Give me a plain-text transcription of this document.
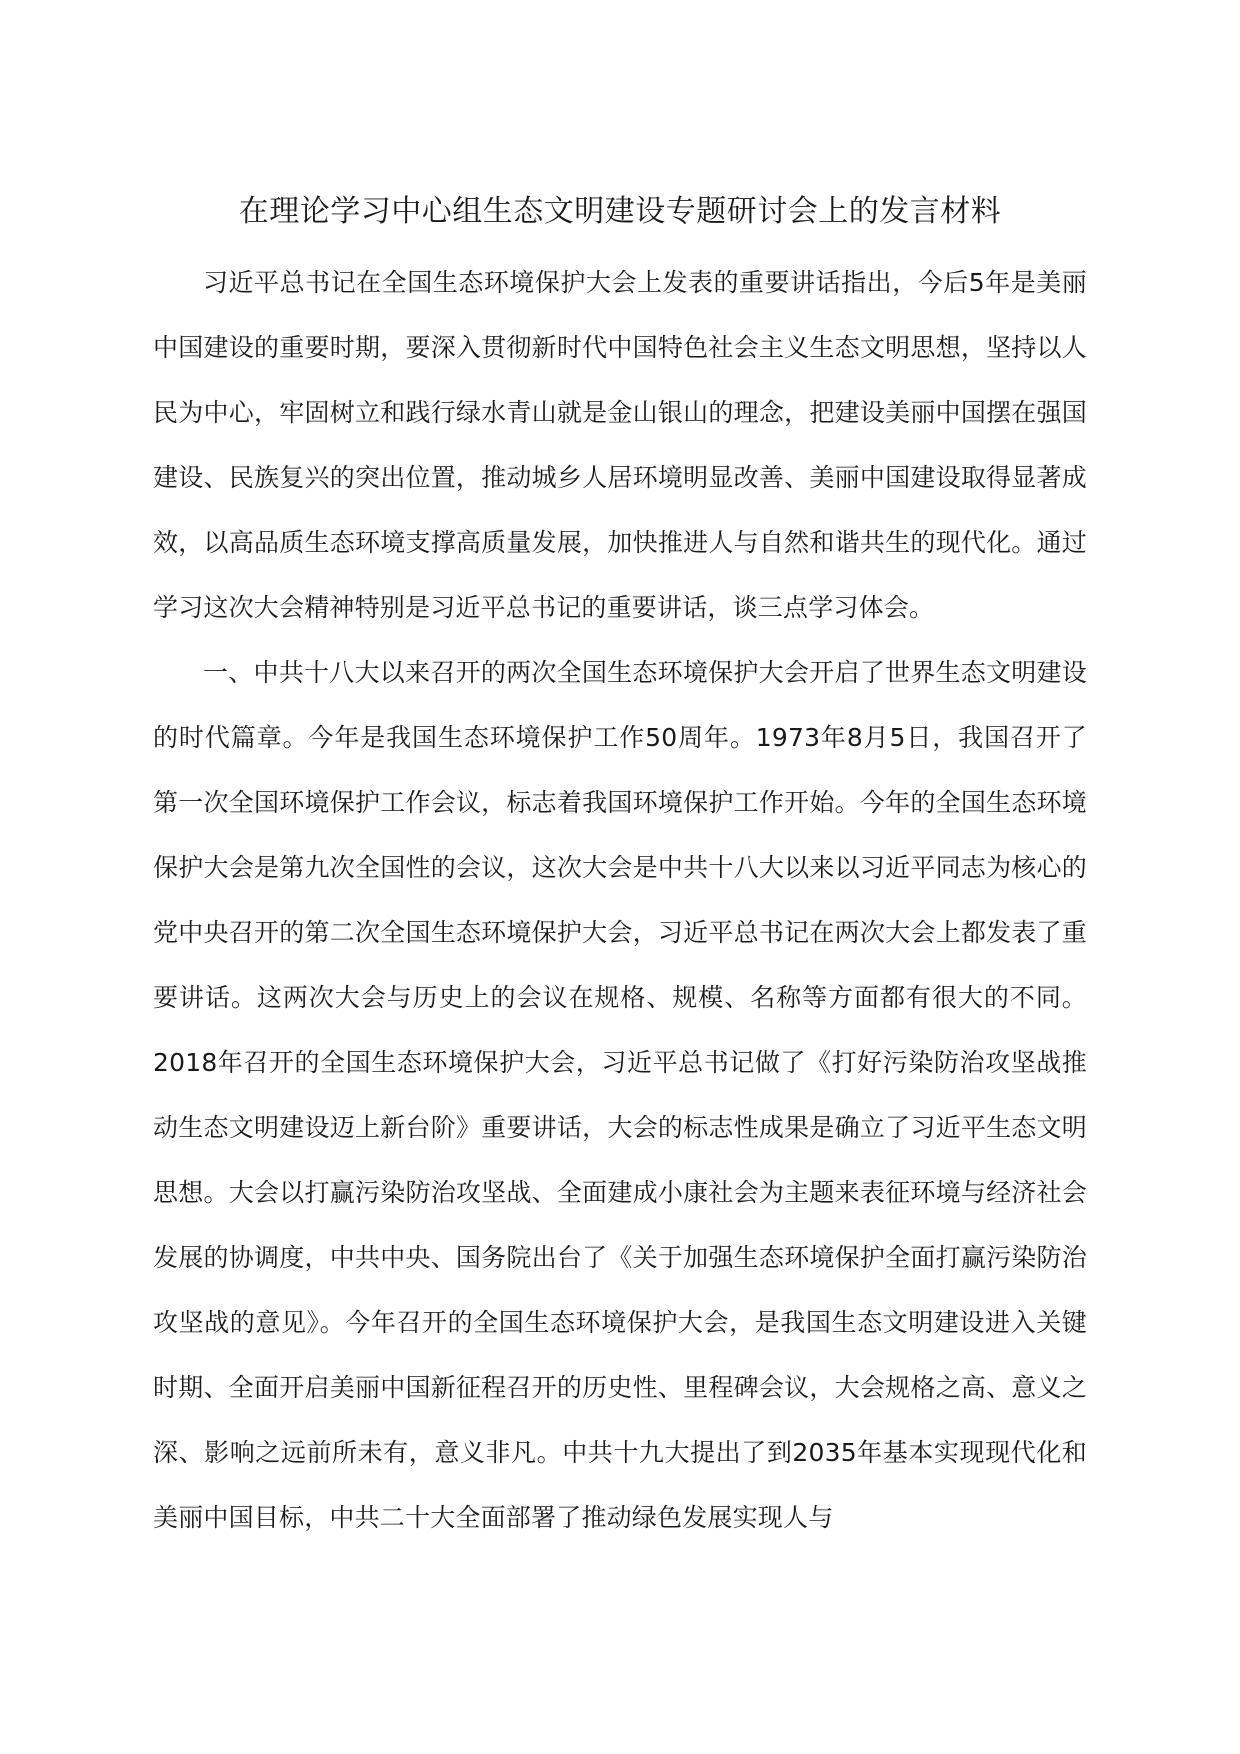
在理论学习中心组生态文明建设专题研讨会上的发言材料

习近平总书记在全国生态环境保护大会上发表的重要讲话指出，今后5年是美丽中国建设的重要时期，要深入贯彻新时代中国特色社会主义生态文明思想，坚持以人民为中心，牢固树立和践行绿水青山就是金山银山的理念，把建设美丽中国摆在强国建设、民族复兴的突出位置，推动城乡人居环境明显改善、美丽中国建设取得显著成效，以高品质生态环境支撑高质量发展，加快推进人与自然和谐共生的现代化。通过学习这次大会精神特别是习近平总书记的重要讲话，谈三点学习体会。

一、中共十八大以来召开的两次全国生态环境保护大会开启了世界生态文明建设的时代篇章。今年是我国生态环境保护工作50周年。1973年8月5日，我国召开了第一次全国环境保护工作会议，标志着我国环境保护工作开始。今年的全国生态环境保护大会是第九次全国性的会议，这次大会是中共十八大以来以习近平同志为核心的党中央召开的第二次全国生态环境保护大会，习近平总书记在两次大会上都发表了重要讲话。这两次大会与历史上的会议在规格、规模、名称等方面都有很大的不同。2018年召开的全国生态环境保护大会，习近平总书记做了《打好污染防治攻坚战推动生态文明建设迈上新台阶》重要讲话，大会的标志性成果是确立了习近平生态文明思想。大会以打赢污染防治攻坚战、全面建成小康社会为主题来表征环境与经济社会发展的协调度，中共中央、国务院出台了《关于加强生态环境保护全面打赢污染防治攻坚战的意见》。今年召开的全国生态环境保护大会，是我国生态文明建设进入关键时期、全面开启美丽中国新征程召开的历史性、里程碑会议，大会规格之高、意义之深、影响之远前所未有，意义非凡。中共十九大提出了到2035年基本实现现代化和美丽中国目标，中共二十大全面部署了推动绿色发展实现人与
